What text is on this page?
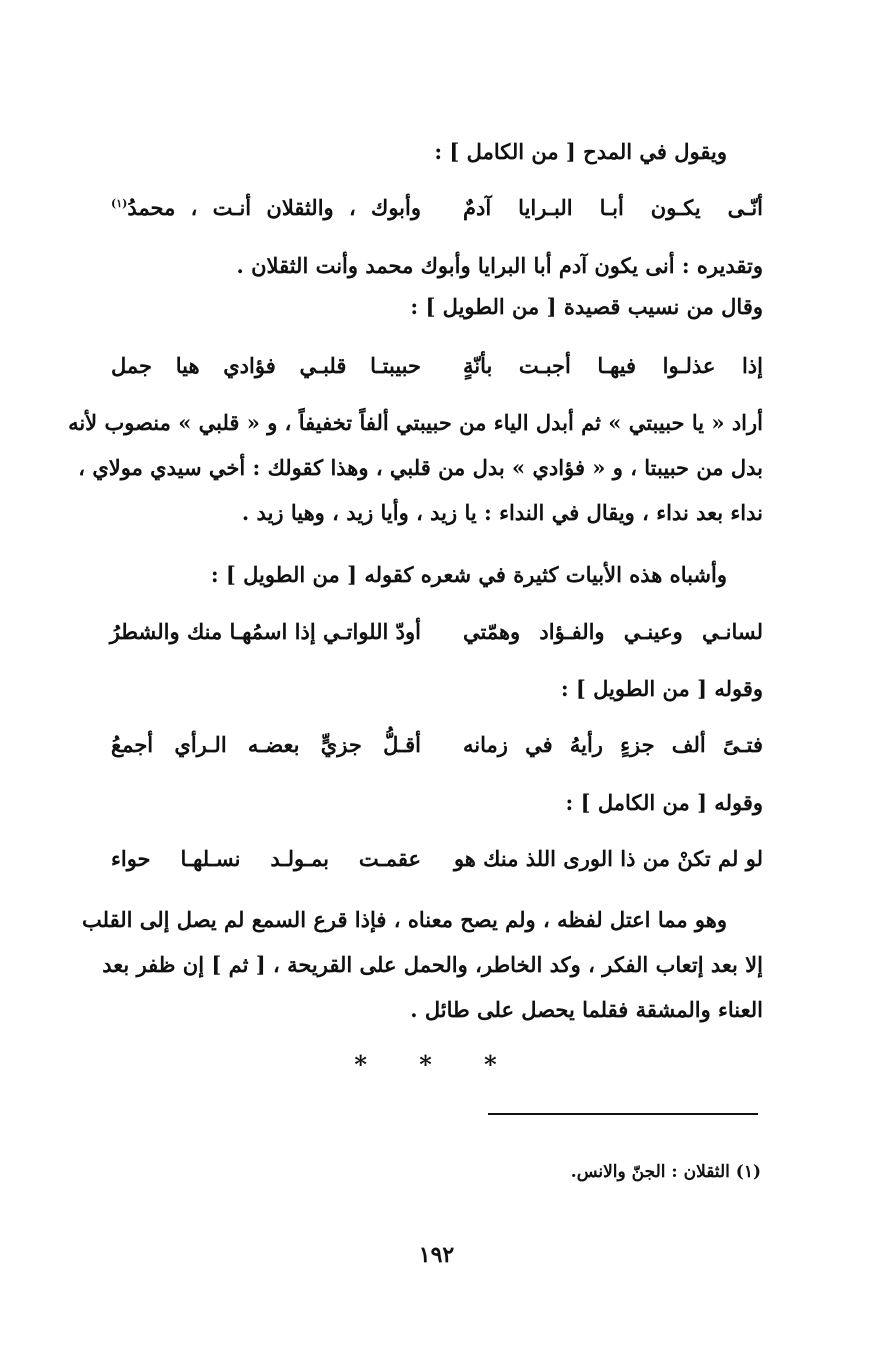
ويقول في المدح [ من الكامل ] :
أنّـى يكـون أبـا البـرايا آدمٌ
وأبوك ، والثقلان أنـت ، محمدُ$^{(١)}$
وتقديره : أنى يكون آدم أبا البرايا وأبوك محمد وأنت الثقلان .
وقال من نسيب قصيدة [ من الطويل ] :
إذا عذلـوا فيهـا أجبـت بأنّةٍ
حبيبتـا قلبـي فؤادي هيا جمل
أراد « يا حبيبتي » ثم أبدل الياء من حبيبتي ألفاً تخفيفاً ، و « قلبي » منصوب لأنه
بدل من حبيبتا ، و « فؤادي » بدل من قلبي ، وهذا كقولك : أخي سيدي مولاي ،
نداء بعد نداء ، ويقال في النداء : يا زيد ، وأيا زيد ، وهيا زيد .
وأشباه هذه الأبيات كثيرة في شعره كقوله [ من الطويل ] :
لسانـي وعينـي والفـؤاد وهمّتي
أودّ اللواتـي إذا اسمُهـا منك والشطرُ
وقوله [ من الطويل ] :
فتـىً ألف جزءٍ رأيهُ في زمانه
أقـلُّ جزيٍّ بعضـه الـرأي أجمعُ
وقوله [ من الكامل ] :
لو لم تكنْ من ذا الورى اللذ منك هو
عقمـت بمـولـد نسـلهـا حواء
وهو مما اعتل لفظه ، ولم يصح معناه ، فإذا قرع السمع لم يصل إلى القلب
إلا بعد إتعاب الفكر ، وكد الخاطر، والحمل على القريحة ، [ ثم ] إن ظفر بعد
العناء والمشقة فقلما يحصل على طائل .
* * *
(١) الثقلان : الجنّ والانس.
١٩٢
